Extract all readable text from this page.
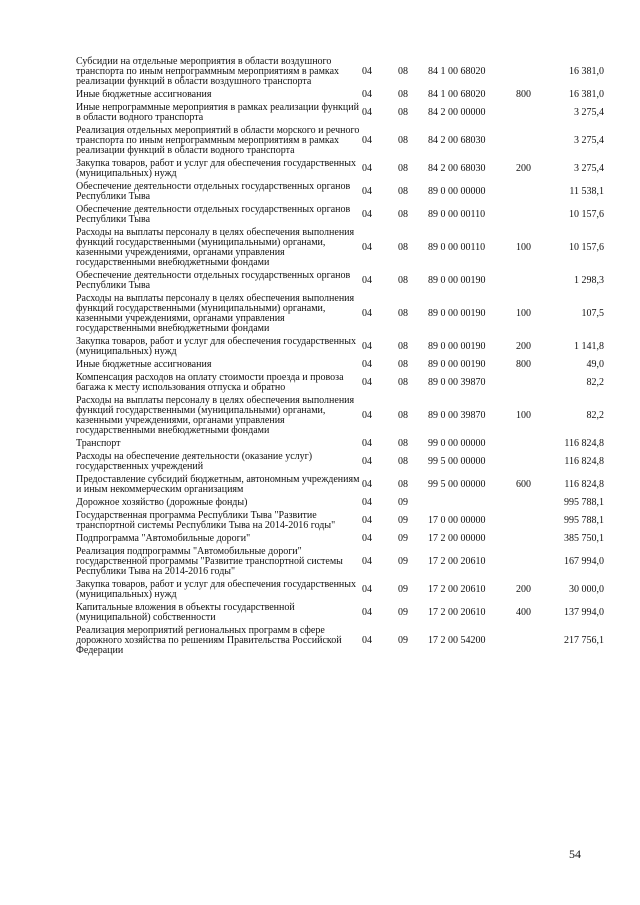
Субсидии на отдельные мероприятия в области воздушного транспорта по иным непрограммным мероприятиям в рамках реализации функций в области воздушного транспорта	04	08	84 1 00 68020		16 381,0
Иные бюджетные ассигнования	04	08	84 1 00 68020	800	16 381,0
Иные непрограммные мероприятия в рамках реализации функций в области водного транспорта	04	08	84 2 00 00000		3 275,4
Реализация отдельных мероприятий в области морского и речного транспорта по иным непрограммным мероприятиям в рамках реализации функций в области водного транспорта	04	08	84 2 00 68030		3 275,4
Закупка товаров, работ и услуг для обеспечения государственных (муниципальных) нужд	04	08	84 2 00 68030	200	3 275,4
Обеспечение деятельности отдельных государственных органов Республики Тыва	04	08	89 0 00 00000		11 538,1
Обеспечение деятельности отдельных государственных органов Республики Тыва	04	08	89 0 00 00110		10 157,6
Расходы на выплаты персоналу в целях обеспечения выполнения функций государственными (муниципальными) органами, казенными учреждениями, органами управления государственными внебюджетными фондами	04	08	89 0 00 00110	100	10 157,6
Обеспечение деятельности отдельных государственных органов Республики Тыва	04	08	89 0 00 00190		1 298,3
Расходы на выплаты персоналу в целях обеспечения выполнения функций государственными (муниципальными) органами, казенными учреждениями, органами управления государственными внебюджетными фондами	04	08	89 0 00 00190	100	107,5
Закупка товаров, работ и услуг для обеспечения государственных (муниципальных) нужд	04	08	89 0 00 00190	200	1 141,8
Иные бюджетные ассигнования	04	08	89 0 00 00190	800	49,0
Компенсация расходов на оплату стоимости проезда и провоза багажа к месту использования отпуска и обратно	04	08	89 0 00 39870		82,2
Расходы на выплаты персоналу в целях обеспечения выполнения функций государственными (муниципальными) органами, казенными учреждениями, органами управления государственными внебюджетными фондами	04	08	89 0 00 39870	100	82,2
Транспорт	04	08	99 0 00 00000		116 824,8
Расходы на обеспечение деятельности (оказание услуг) государственных учреждений	04	08	99 5 00 00000		116 824,8
Предоставление субсидий бюджетным, автономным учреждениям и иным некоммерческим организациям	04	08	99 5 00 00000	600	116 824,8
Дорожное хозяйство (дорожные фонды)	04	09			995 788,1
Государственная программа Республики Тыва "Развитие транспортной системы Республики Тыва на 2014-2016 годы"	04	09	17 0 00 00000		995 788,1
Подпрограмма "Автомобильные дороги"	04	09	17 2 00 00000		385 750,1
Реализация подпрограммы "Автомобильные дороги" государственной программы "Развитие транспортной системы Республики Тыва на 2014-2016 годы"	04	09	17 2 00 20610		167 994,0
Закупка товаров, работ и услуг для обеспечения государственных (муниципальных) нужд	04	09	17 2 00 20610	200	30 000,0
Капитальные вложения в объекты государственной (муниципальной) собственности	04	09	17 2 00 20610	400	137 994,0
Реализация мероприятий региональных программ в сфере дорожного хозяйства по решениям Правительства Российской Федерации	04	09	17 2 00 54200		217 756,1
54
